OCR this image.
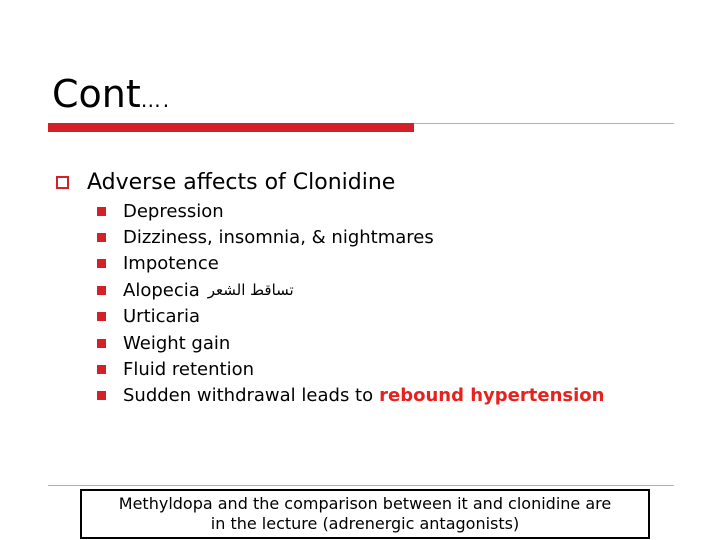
Cont….
Adverse affects of Clonidine
Depression
Dizziness, insomnia, & nightmares
Impotence
Alopecia تساقط الشعر
Urticaria
Weight gain
Fluid retention
Sudden withdrawal leads to rebound hypertension
Methyldopa and the comparison between it and clonidine are
in the lecture (adrenergic antagonists)
